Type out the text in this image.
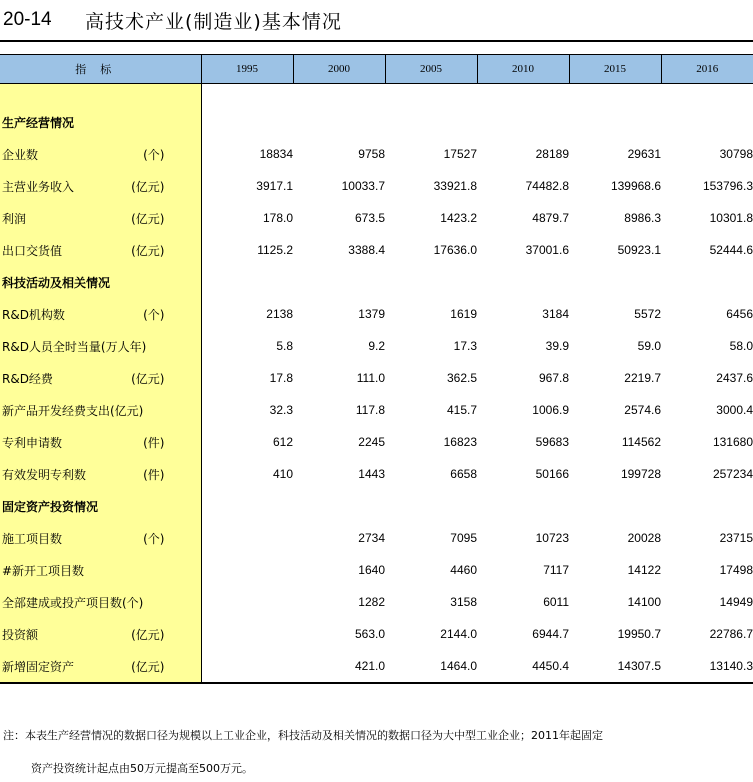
20-14	高技术产业(制造业)基本情况
指标	1995	2000	2005	2010	2015	2016

生产经营情况						

企业数 (个)	18834	9758	17527	28189	29631	30798

主营业务收入 (亿元)	3917.1	10033.7	33921.8	74482.8	139968.6	153796.3

利润 (亿元)	178.0	673.5	1423.2	4879.7	8986.3	10301.8

出口交货值 (亿元)	1125.2	3388.4	17636.0	37001.6	50923.1	52444.6

科技活动及相关情况						

R&D机构数 (个)	2138	1379	1619	3184	5572	6456

R&D人员全时当量(万人年)	5.8	9.2	17.3	39.9	59.0	58.0

R&D经费 (亿元)	17.8	111.0	362.5	967.8	2219.7	2437.6

新产品开发经费支出(亿元)	32.3	117.8	415.7	1006.9	2574.6	3000.4

专利申请数 (件)	612	2245	16823	59683	114562	131680

有效发明专利数 (件)	410	1443	6658	50166	199728	257234

固定资产投资情况						

施工项目数 (个)		2734	7095	10723	20028	23715

#新开工项目数		1640	4460	7117	14122	17498

全部建成或投产项目数(个)		1282	3158	6011	14100	14949

投资额 (亿元)		563.0	2144.0	6944.7	19950.7	22786.7

新增固定资产 (亿元)		421.0	1464.0	4450.4	14307.5	13140.3
注：本表生产经营情况的数据口径为规模以上工业企业，科技活动及相关情况的数据口径为大中型工业企业；2011年起固定
资产投资统计起点由50万元提高至500万元。
